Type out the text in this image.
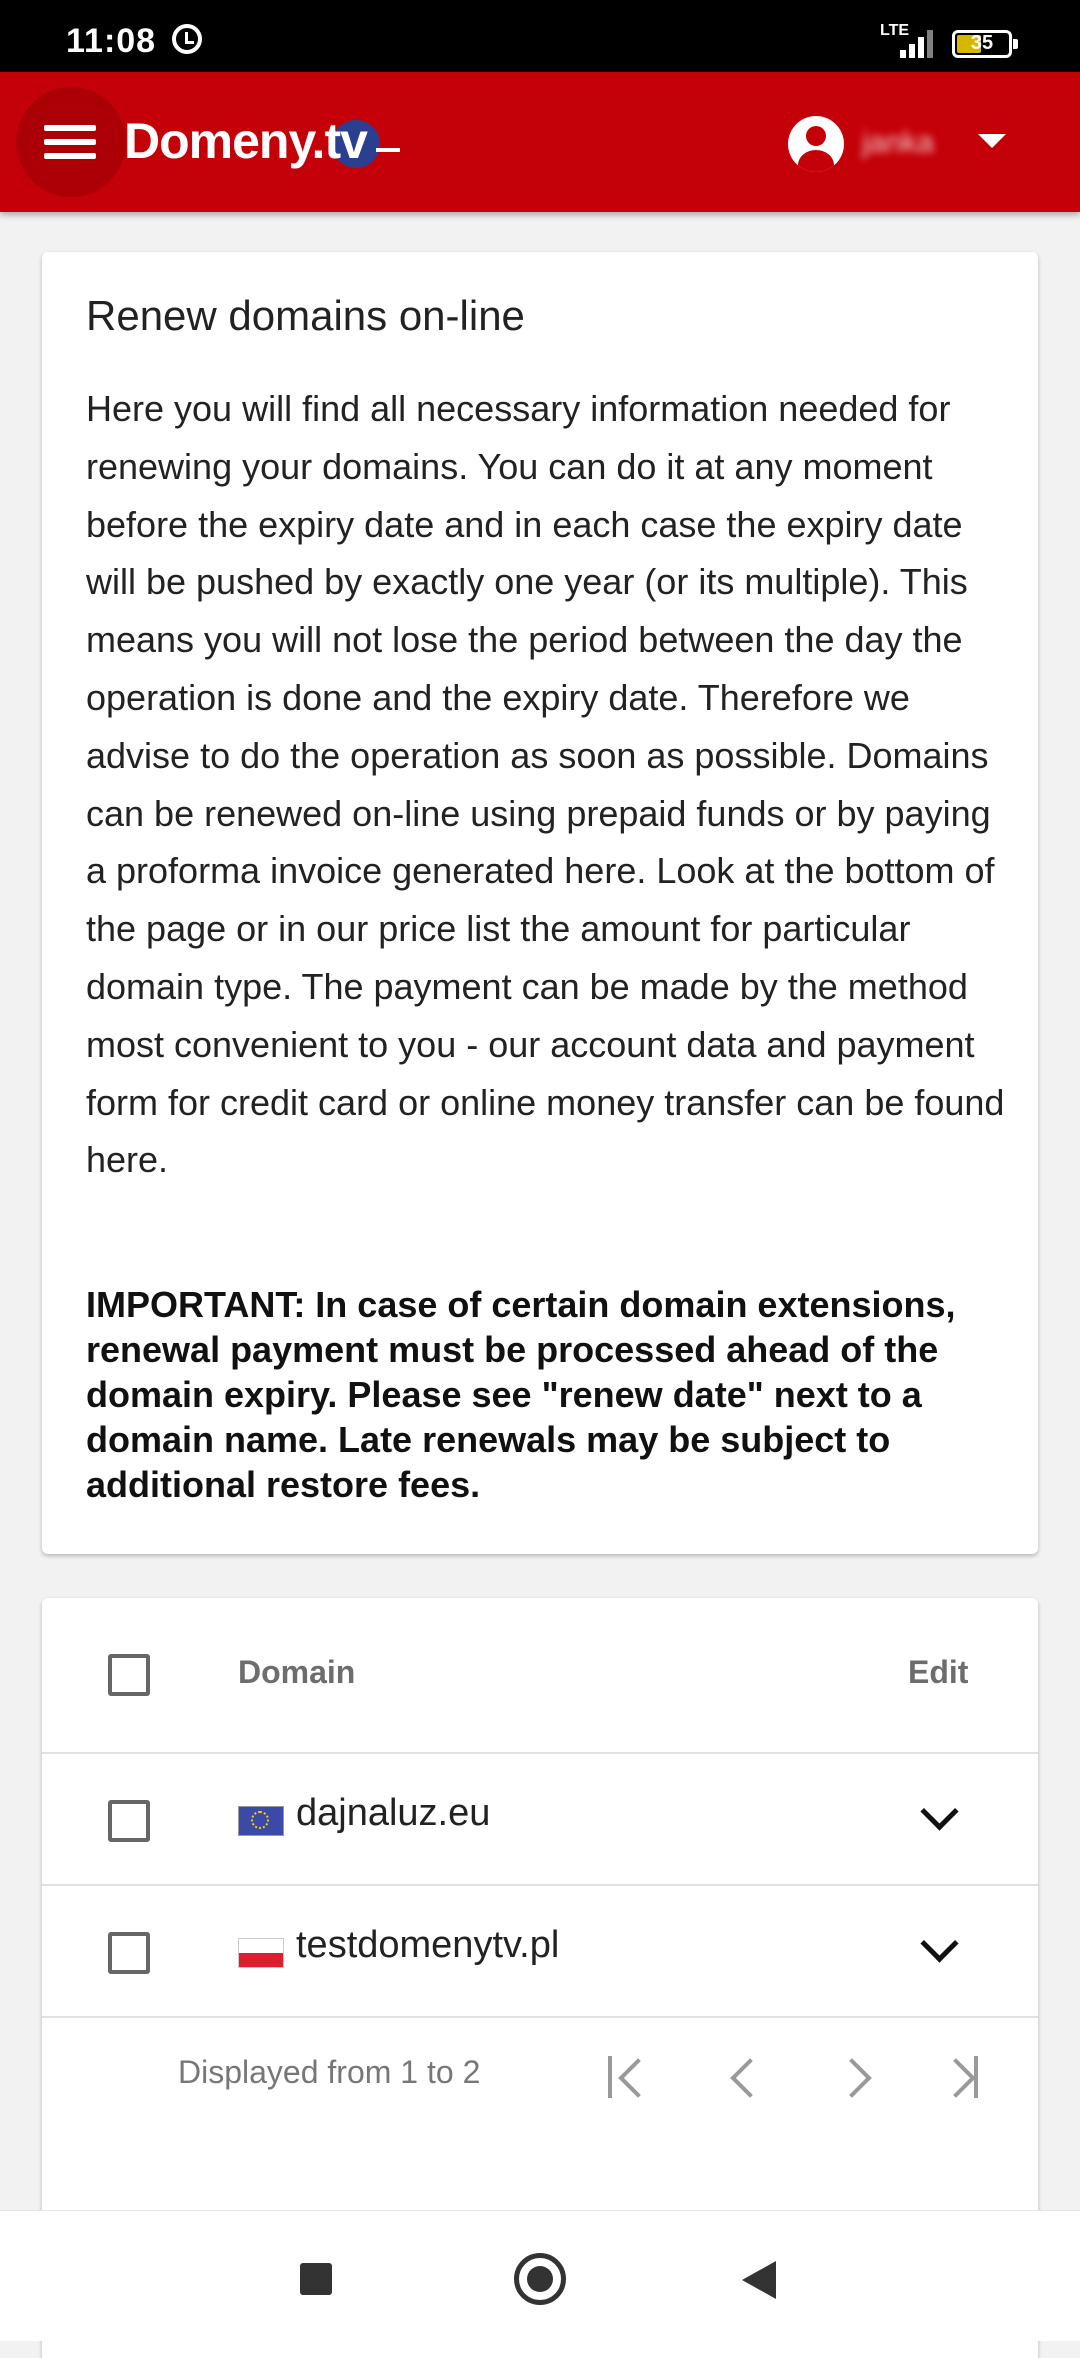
11:08	LTE
35
Domeny.tv	janka
Renew domains on-line

Here you will find all necessary information needed for renewing your domains. You can do it at any moment before the expiry date and in each case the expiry date will be pushed by exactly one year (or its multiple). This means you will not lose the period between the day the operation is done and the expiry date. Therefore we advise to do the operation as soon as possible. Domains can be renewed on-line using prepaid funds or by paying a proforma invoice generated here. Look at the bottom of the page or in our price list the amount for particular domain type. The payment can be made by the method most convenient to you - our account data and payment form for credit card or online money transfer can be found here.

IMPORTANT: In case of certain domain extensions, renewal payment must be processed ahead of the domain expiry. Please see "renew date" next to a domain name. Late renewals may be subject to additional restore fees.

Domain	Edit
dajnaluz.eu
testdomenytv.pl
Displayed from 1 to 2
